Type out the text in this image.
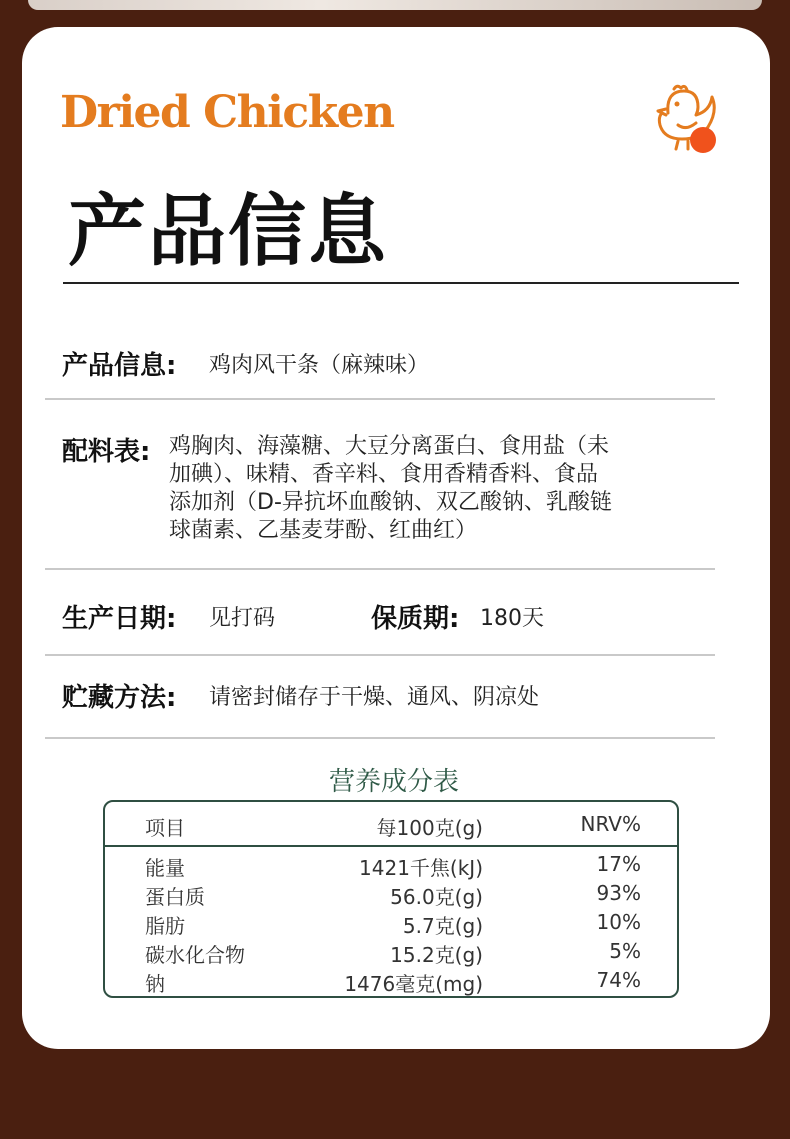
Dried Chicken
产品信息
产品信息: 鸡肉风干条（麻辣味）
配料表: 鸡胸肉、海藻糖、大豆分离蛋白、食用盐（未
加碘）、味精、香辛料、食用香精香料、食品
添加剂（D-异抗坏血酸钠、双乙酸钠、乳酸链
球菌素、乙基麦芽酚、红曲红）
生产日期: 见打码	保质期: 180天
贮藏方法: 请密封储存于干燥、通风、阴凉处
营养成分表
项目	每100克(g)	NRV%
能量	1421千焦(kJ)	17%
蛋白质	56.0克(g)	93%
脂肪	5.7克(g)	10%
碳水化合物	15.2克(g)	5%
钠	1476毫克(mg)	74%
